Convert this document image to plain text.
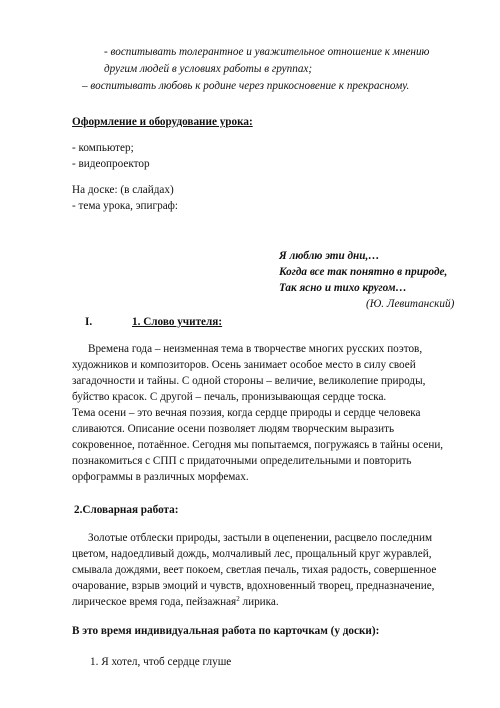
- воспитывать толерантное и уважительное отношение к мнению
другим людей в условиях работы в группах;
– воспитывать любовь к родине через прикосновение к прекрасному.
Оформление и оборудование урока:
- компьютер;
- видеопроектор
На доске: (в слайдах)
- тема урока, эпиграф:
Я люблю эти дни,…
Когда все так понятно в природе,
Так ясно и тихо кругом…
(Ю. Левитанский)
I.	1. Слово учителя:
Времена года – неизменная тема в творчестве многих русских поэтов,
художников и композиторов. Осень занимает особое место в силу своей
загадочности и тайны. С одной стороны – величие, великолепие природы,
буйство красок. С другой – печаль, пронизывающая сердце тоска.
Тема осени – это вечная поэзия, когда сердце природы и сердце человека
сливаются. Описание осени позволяет людям творческим выразить
сокровенное, потаённое. Сегодня мы попытаемся, погружаясь в тайны осени,
познакомиться с СПП с придаточными определительными и повторить
орфограммы в различных морфемах.
2.Словарная работа:
Золотые отблески природы, застыли в оцепенении, расцвело последним
цветом, надоедливый дождь, молчаливый лес, прощальный круг журавлей,
смывала дождями, веет покоем, светлая печаль, тихая радость, совершенное
очарование, взрыв эмоций и чувств, вдохновенный творец, предназначение,
лирическое время года, пейзажная$^2$ лирика.
В это время индивидуальная работа по карточкам (у доски):
1. Я хотел, чтоб сердце глуше
